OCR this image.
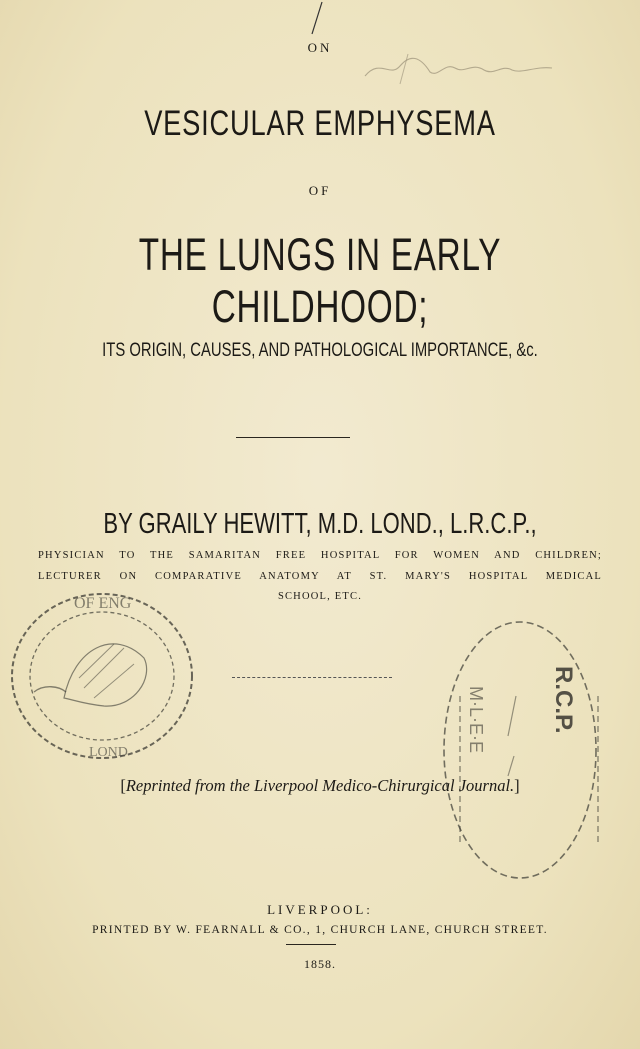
ON
VESICULAR EMPHYSEMA
OF
THE LUNGS IN EARLY CHILDHOOD;
ITS ORIGIN, CAUSES, AND PATHOLOGICAL IMPORTANCE, &c.
BY GRAILY HEWITT, M.D. LOND., L.R.C.P.,
PHYSICIAN TO THE SAMARITAN FREE HOSPITAL FOR WOMEN AND CHILDREN;
LECTURER ON COMPARATIVE ANATOMY AT ST. MARY'S HOSPITAL MEDICAL
SCHOOL, ETC.
OF ENG
LOND
R.C.P.
M·L·E·E
[Reprinted from the Liverpool Medico-Chirurgical Journal.]
LIVERPOOL:
PRINTED BY W. FEARNALL & CO., 1, CHURCH LANE, CHURCH STREET.
1858.
